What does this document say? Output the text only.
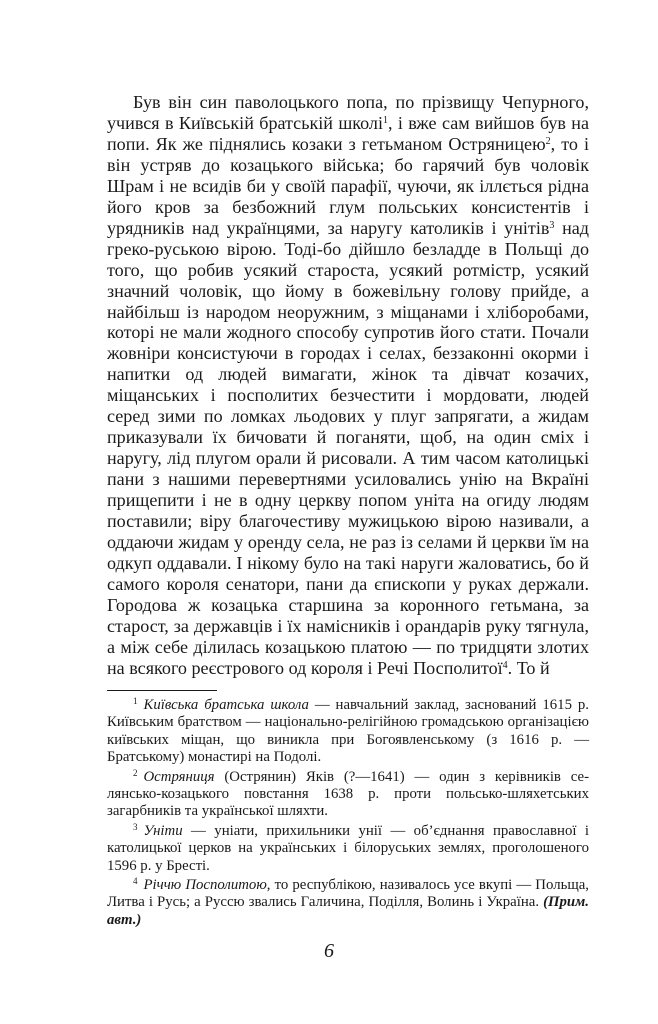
Був він син паволоцького попа, по прізвищу Чепурного, учився в Київській братській школі$^1$, і вже сам вийшов був на попи. Як же піднялись козаки з гетьманом Остряницею$^2$, то і він устряв до козацького війська; бо гарячий був чоловік Шрам і не всидів би у своїй парафії, чуючи, як іллється рідна його кров за безбожний глум польських консистентів і урядників над українцями, за наругу католиків і унітів$^3$ над греко-руською вірою. Тоді-бо дійшло безладде в Польщі до того, що робив усякий староста, усякий ротмістр, усякий значний чоловік, що йому в божевільну голову прийде, а найбільш із народом неоружним, з міщанами і хліборобами, которі не мали жодного способу супротив його стати. Почали жовніри консистуючи в городах і селах, беззаконні окорми і напитки од людей вимагати, жінок та дівчат козачих, міщанських і посполитих безчестити і мордовати, людей серед зими по ломках льодових у плуг запрягати, а жидам приказували їх бичовати й поганяти, щоб, на один сміх і наругу, лід плугом орали й рисовали. А тим часом католицькі пани з нашими перевертнями усиловались унію на Вкраїні прищепити і не в одну церкву попом уніта на огиду людям поставили; віру благочестиву мужицькою вірою називали, а оддаючи жидам у оренду села, не раз із селами й церкви їм на одкуп оддавали. І нікому було на такі наруги жаловатись, бо й самого короля сенатори, пани да єпископи у руках держали. Городова ж козацька старшина за коронного гетьмана, за старост, за державців і їх намісників і орандарів руку тягнула, а між себе ділилась козацькою платою — по тридцяти злотих на всякого реєстрового од короля і Речі Посполитої$^4$. То й

$^1$ Київська братська школа — навчальний заклад, заснований 1615 р. Київським братством — національно-релігійною громадською організацією київських міщан, що виникла при Богоявленському (з 1616 р. — Братському) монастирі на Подолі.

$^2$ Остряниця (Острянин) Яків (?—1641) — один з керівників селянсько-козацького повстання 1638 р. проти польсько-шляхетських загарбників та української шляхти.

$^3$ Уніти — уніати, прихильники унії — об’єднання православної і католицької церков на українських і білоруських землях, проголошеного 1596 р. у Бресті.

$^4$ Річчю Посполитою, то республікою, називалось усе вкупі — Польща, Литва і Русь; а Руссю звались Галичина, Поділля, Волинь і Україна. (Прим. авт.)

6
